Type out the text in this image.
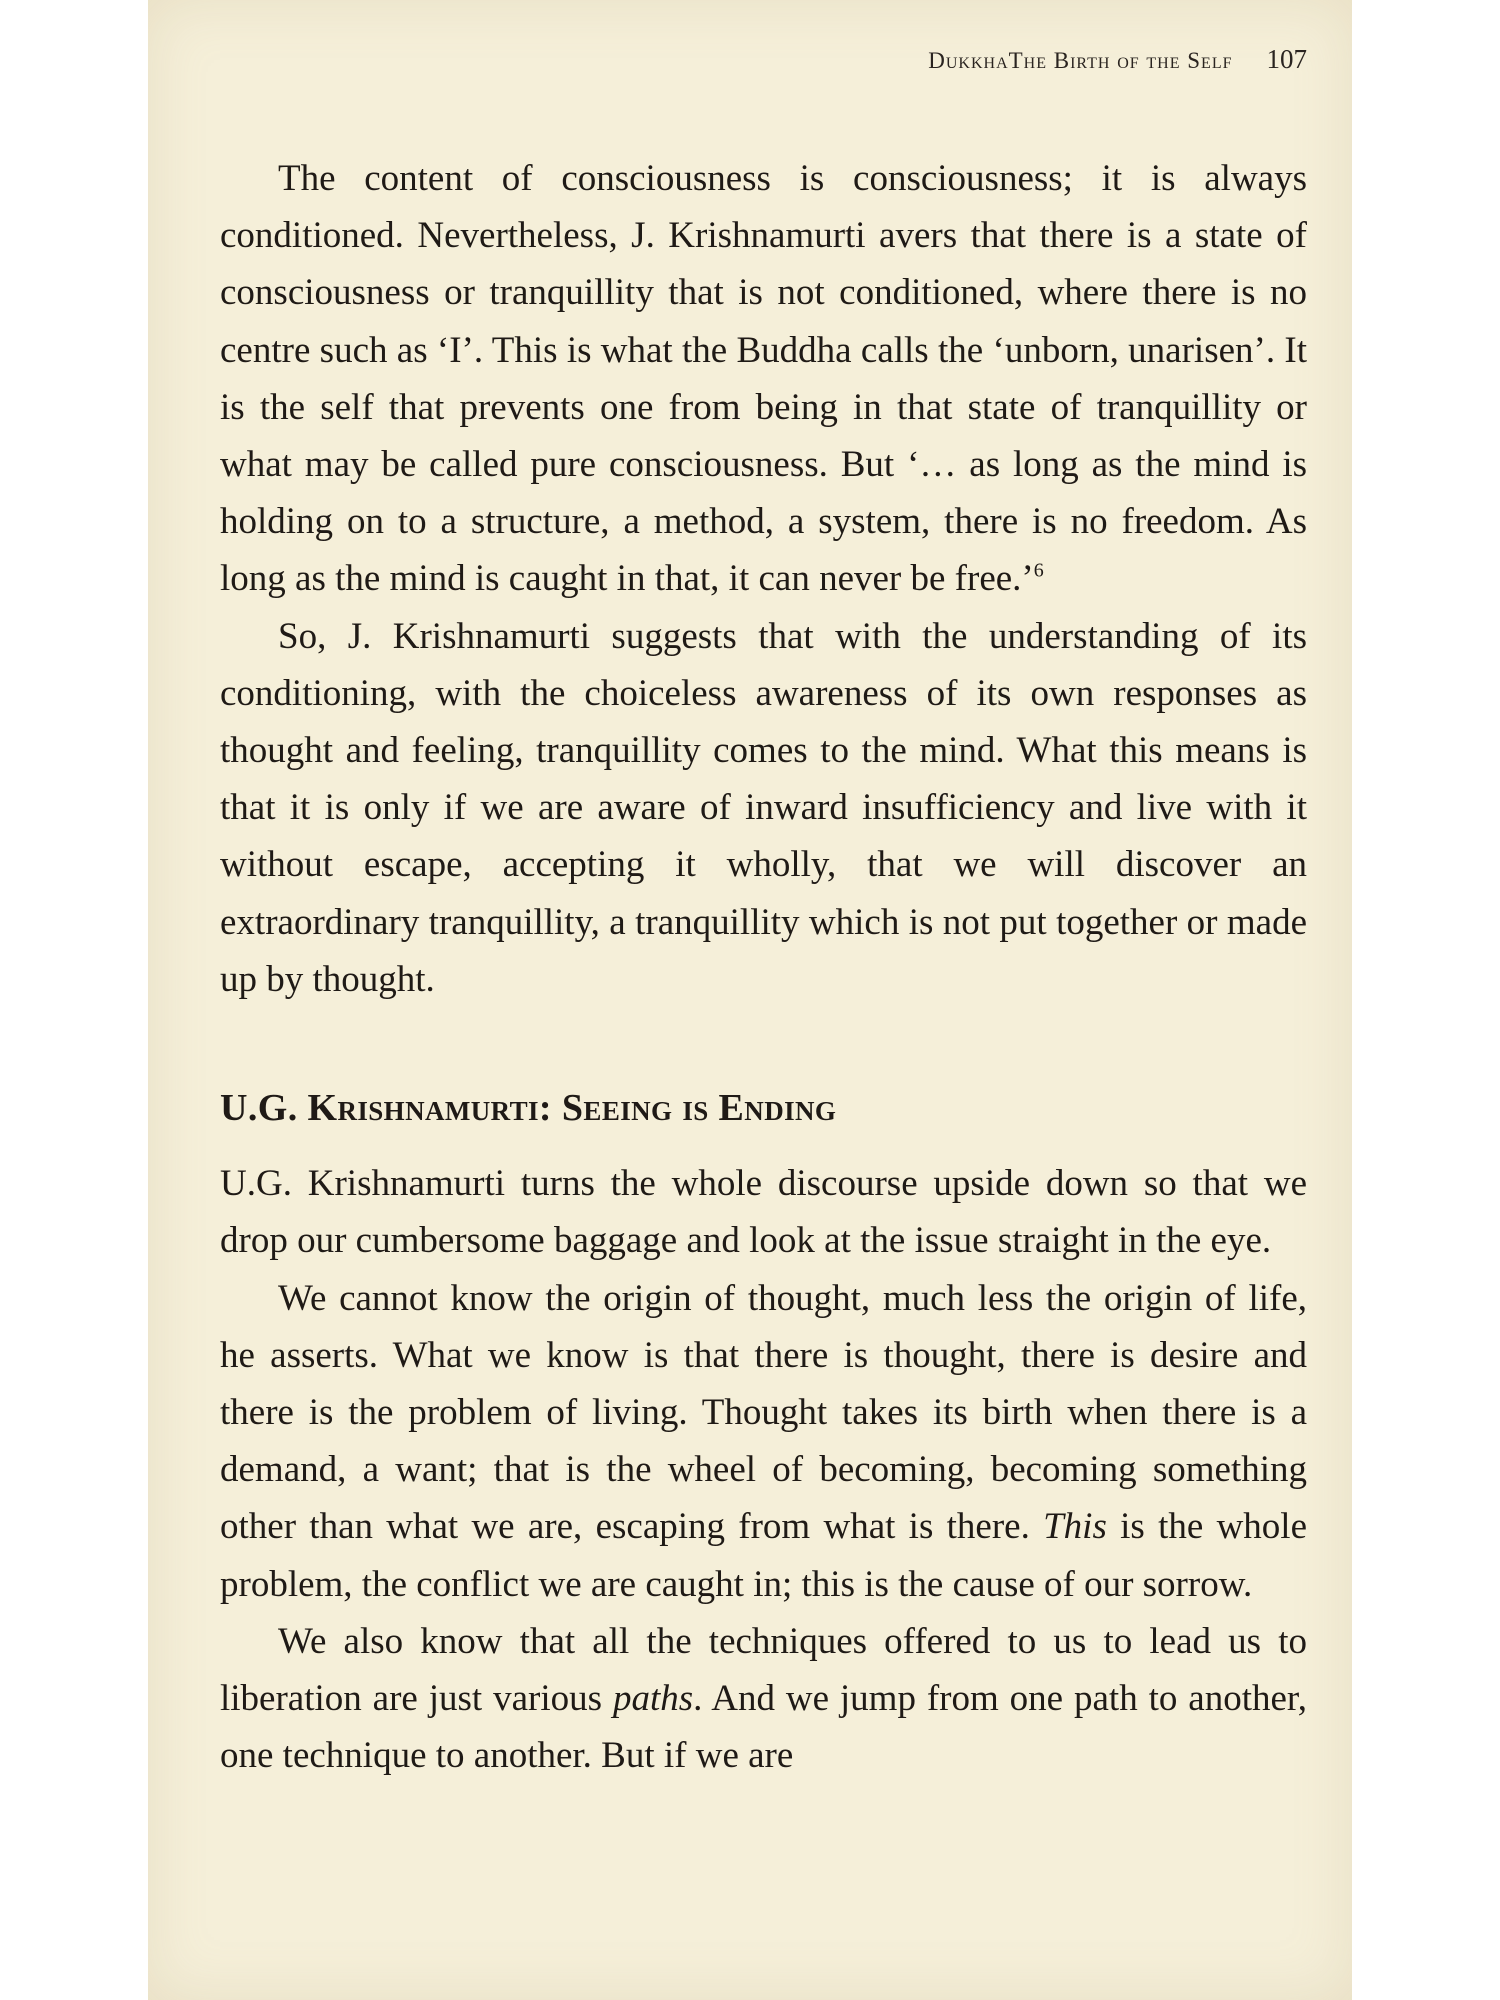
DukkhaThe Birth of the Self 107

The content of consciousness is consciousness; it is always conditioned. Nevertheless, J. Krishnamurti avers that there is a state of consciousness or tranquillity that is not conditioned, where there is no centre such as ‘I’. This is what the Buddha calls the ‘unborn, unarisen’. It is the self that prevents one from being in that state of tranquillity or what may be called pure consciousness. But ‘… as long as the mind is holding on to a structure, a method, a system, there is no freedom. As long as the mind is caught in that, it can never be free.’$^6$

So, J. Krishnamurti suggests that with the understanding of its conditioning, with the choiceless awareness of its own responses as thought and feeling, tranquillity comes to the mind. What this means is that it is only if we are aware of inward insufficiency and live with it without escape, accepting it wholly, that we will discover an extraordinary tranquillity, a tranquillity which is not put together or made up by thought.

U.G. Krishnamurti: Seeing is Ending

U.G. Krishnamurti turns the whole discourse upside down so that we drop our cumbersome baggage and look at the issue straight in the eye.

We cannot know the origin of thought, much less the origin of life, he asserts. What we know is that there is thought, there is desire and there is the problem of living. Thought takes its birth when there is a demand, a want; that is the wheel of becoming, becoming something other than what we are, escaping from what is there. This is the whole problem, the conflict we are caught in; this is the cause of our sorrow.

We also know that all the techniques offered to us to lead us to liberation are just various paths. And we jump from one path to another, one technique to another. But if we are
